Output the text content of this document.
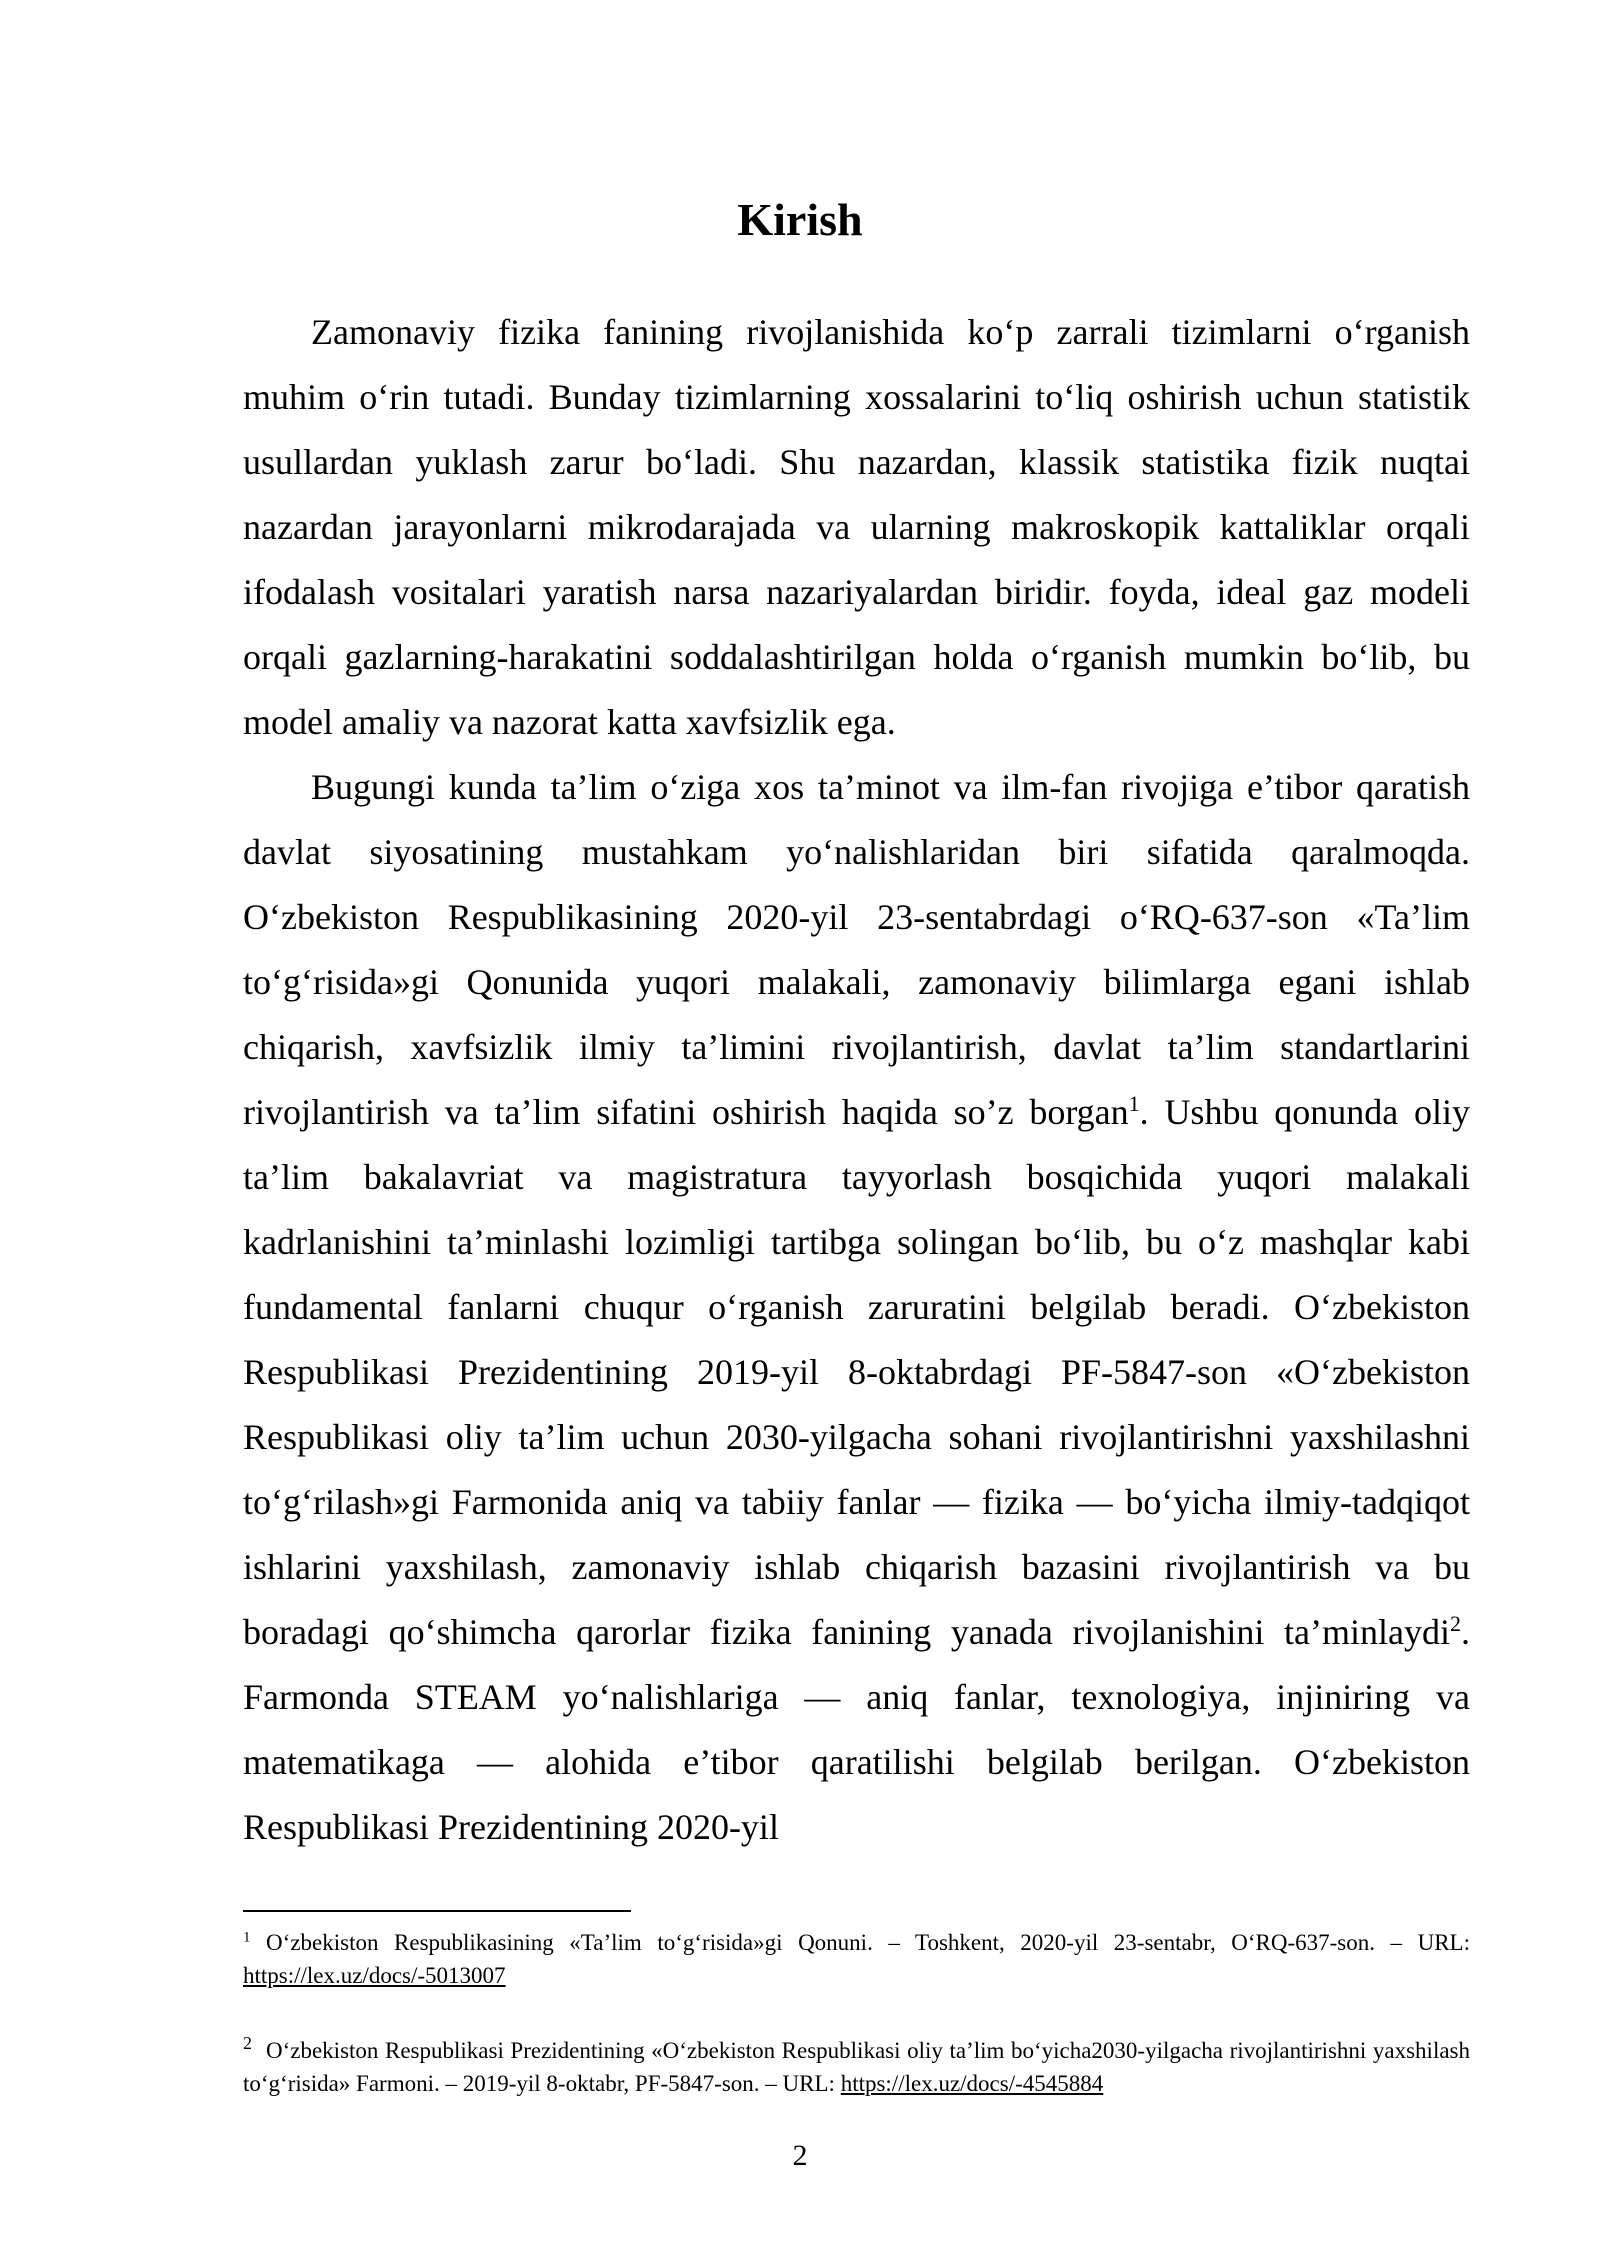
Kirish

Zamonaviy fizika fanining rivojlanishida ko‘p zarrali tizimlarni o‘rganish muhim o‘rin tutadi. Bunday tizimlarning xossalarini to‘liq oshirish uchun statistik usullardan yuklash zarur bo‘ladi. Shu nazardan, klassik statistika fizik nuqtai nazardan jarayonlarni mikrodarajada va ularning makroskopik kattaliklar orqali ifodalash vositalari yaratish narsa nazariyalardan biridir. foyda, ideal gaz modeli orqali gazlarning-harakatini soddalashtirilgan holda o‘rganish mumkin bo‘lib, bu model amaliy va nazorat katta xavfsizlik ega.

Bugungi kunda ta’lim o‘ziga xos ta’minot va ilm-fan rivojiga e’tibor qaratish davlat siyosatining mustahkam yo‘nalishlaridan biri sifatida qaralmoqda. O‘zbekiston Respublikasining 2020-yil 23-sentabrdagi o‘RQ-637-son «Ta’lim to‘g‘risida»gi Qonunida yuqori malakali, zamonaviy bilimlarga egani ishlab chiqarish, xavfsizlik ilmiy ta’limini rivojlantirish, davlat ta’lim standartlarini rivojlantirish va ta’lim sifatini oshirish haqida so’z borgan$^1$. Ushbu qonunda oliy ta’lim bakalavriat va magistratura tayyorlash bosqichida yuqori malakali kadrlanishini ta’minlashi lozimligi tartibga solingan bo‘lib, bu o‘z mashqlar kabi fundamental fanlarni chuqur o‘rganish zaruratini belgilab beradi. O‘zbekiston Respublikasi Prezidentining 2019-yil 8-oktabrdagi PF-5847-son «O‘zbekiston Respublikasi oliy ta’lim uchun 2030-yilgacha sohani rivojlantirishni yaxshilashni to‘g‘rilash»gi Farmonida aniq va tabiiy fanlar — fizika — bo‘yicha ilmiy-tadqiqot ishlarini yaxshilash, zamonaviy ishlab chiqarish bazasini rivojlantirish va bu boradagi qo‘shimcha qarorlar fizika fanining yanada rivojlanishini ta’minlaydi$^2$. Farmonda STEAM yo‘nalishlariga — aniq fanlar, texnologiya, injiniring va matematikaga — alohida e’tibor qaratilishi belgilab berilgan. O‘zbekiston Respublikasi Prezidentining 2020-yil

$^1$ O‘zbekiston Respublikasining «Ta’lim to‘g‘risida»gi Qonuni. – Toshkent, 2020-yil 23-sentabr, O‘RQ-637-son. – URL: https://lex.uz/docs/-5013007

$^2$ O‘zbekiston Respublikasi Prezidentining «O‘zbekiston Respublikasi oliy ta’lim bo‘yicha2030-yilgacha rivojlantirishni yaxshilash to‘g‘risida» Farmoni. – 2019-yil 8-oktabr, PF-5847-son. – URL: https://lex.uz/docs/-4545884

2
